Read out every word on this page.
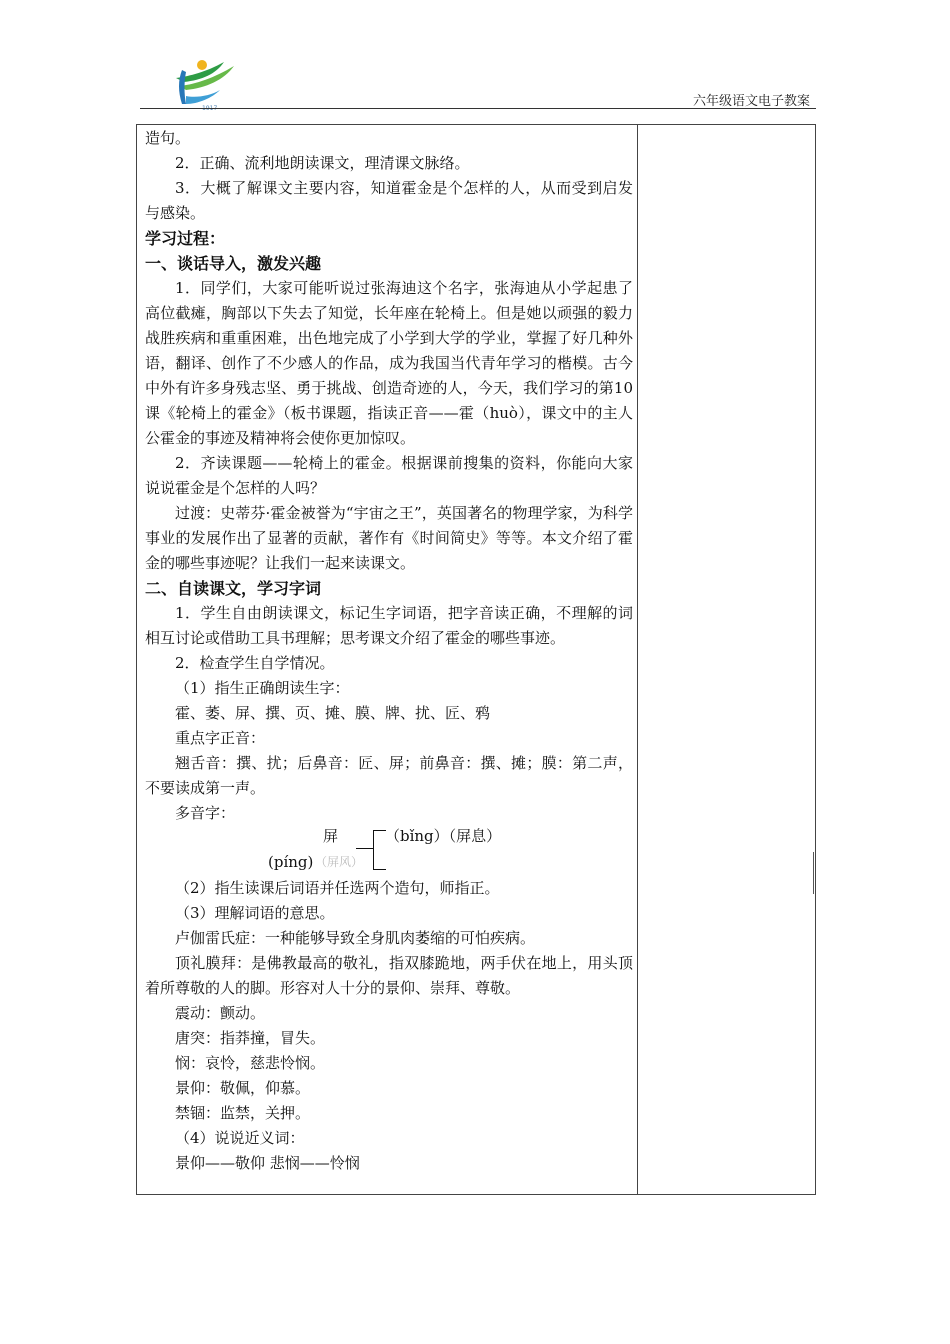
1917	六年级语文电子教案

造句。

2．正确、流利地朗读课文，理清课文脉络。

3．大概了解课文主要内容，知道霍金是个怎样的人，从而受到启发与感染。

学习过程：

一、谈话导入，激发兴趣

1．同学们，大家可能听说过张海迪这个名字，张海迪从小学起患了高位截瘫，胸部以下失去了知觉，长年座在轮椅上。但是她以顽强的毅力战胜疾病和重重困难，出色地完成了小学到大学的学业，掌握了好几种外语，翻译、创作了不少感人的作品，成为我国当代青年学习的楷模。古今中外有许多身残志坚、勇于挑战、创造奇迹的人，今天，我们学习的第10课《轮椅上的霍金》（板书课题，指读正音——霍（huò），课文中的主人公霍金的事迹及精神将会使你更加惊叹。

2．齐读课题——轮椅上的霍金。根据课前搜集的资料，你能向大家说说霍金是个怎样的人吗？

过渡：史蒂芬·霍金被誉为“宇宙之王”，英国著名的物理学家，为科学事业的发展作出了显著的贡献，著作有《时间简史》等等。本文介绍了霍金的哪些事迹呢？让我们一起来读课文。

二、自读课文，学习字词

1．学生自由朗读课文，标记生字词语，把字音读正确，不理解的词相互讨论或借助工具书理解；思考课文介绍了霍金的哪些事迹。

2．检查学生自学情况。

（1）指生正确朗读生字：

霍、萎、屏、撰、页、摊、膜、牌、扰、匠、鸦

重点字正音：

翘舌音：撰、扰；后鼻音：匠、屏；前鼻音：撰、摊；膜：第二声，不要读成第一声。

多音字：

屏	（bǐng）（屏息）
(píng) （屏风）

（2）指生读课后词语并任选两个造句，师指正。

（3）理解词语的意思。

卢伽雷氏症：一种能够导致全身肌肉萎缩的可怕疾病。

顶礼膜拜：是佛教最高的敬礼，指双膝跪地，两手伏在地上，用头顶着所尊敬的人的脚。形容对人十分的景仰、崇拜、尊敬。

震动：颤动。

唐突：指莽撞，冒失。

悯：哀怜，慈悲怜悯。

景仰：敬佩，仰慕。

禁锢：监禁，关押。

（4）说说近义词：

景仰——敬仰 悲悯——怜悯
